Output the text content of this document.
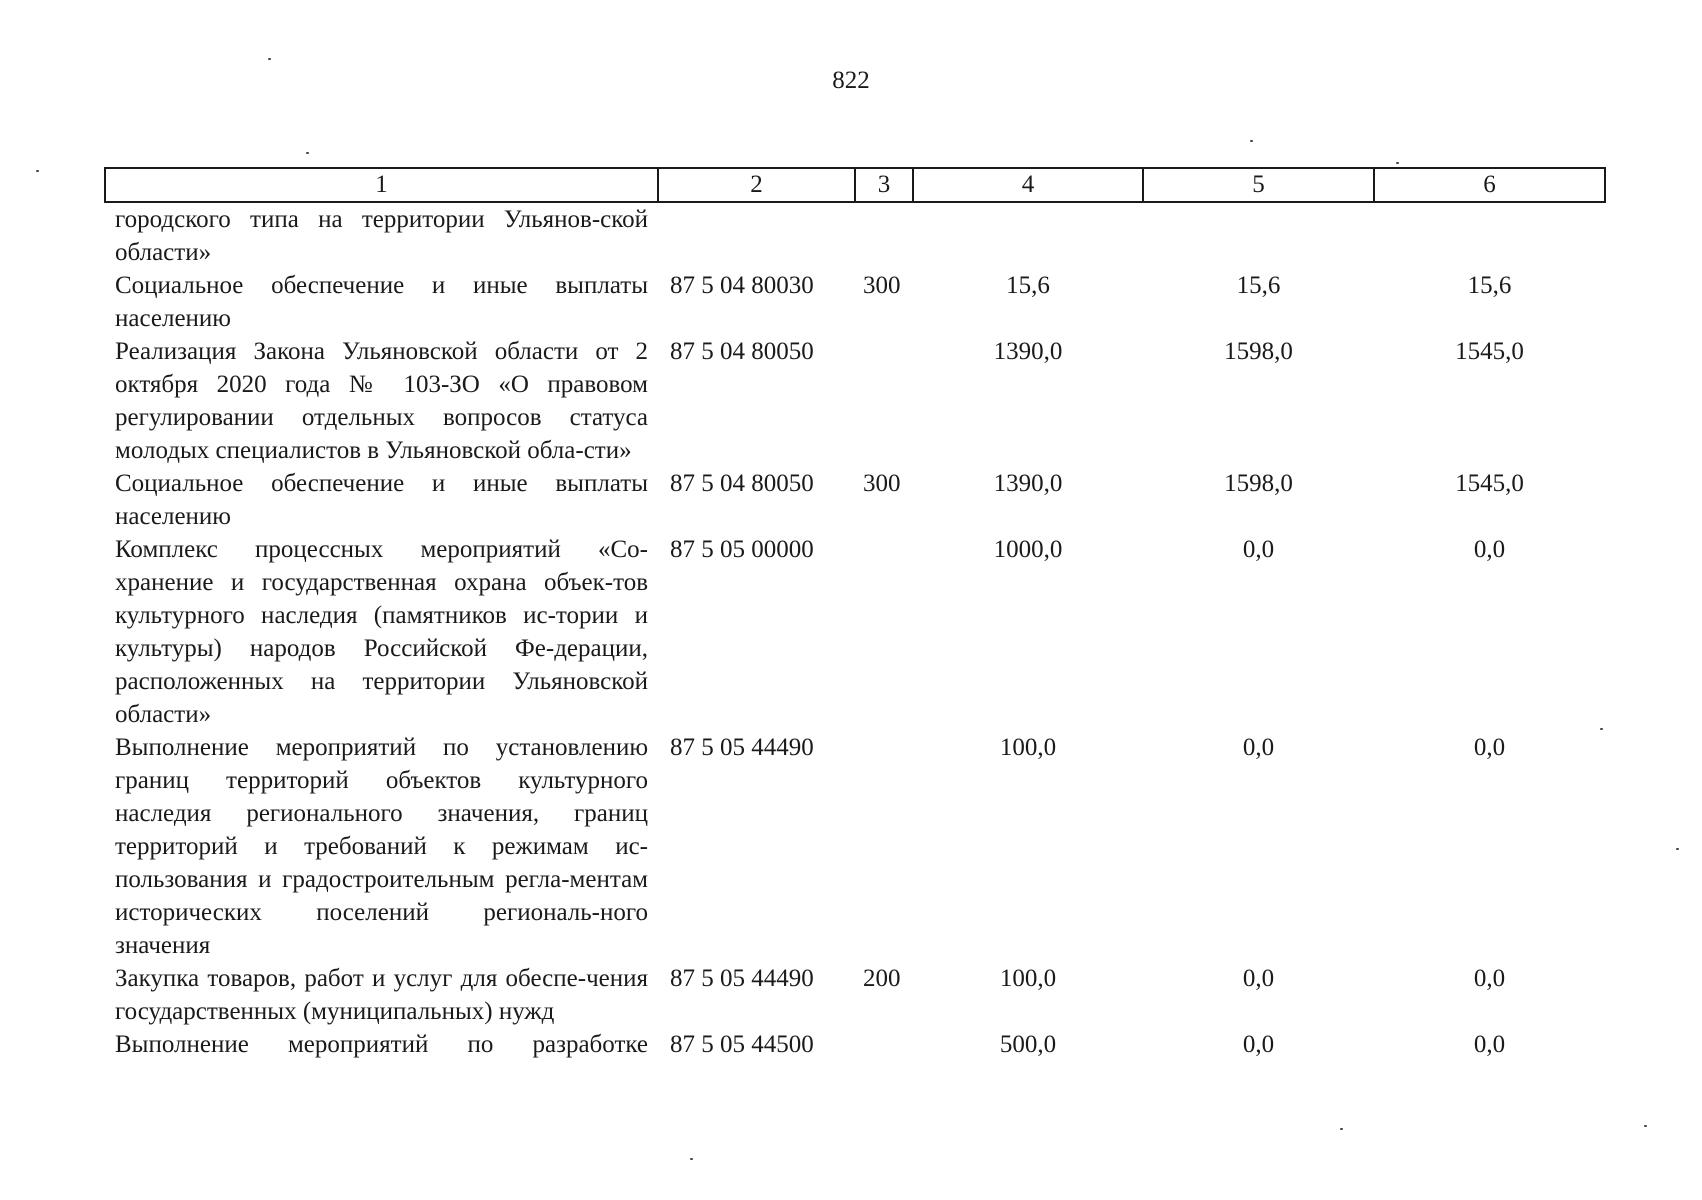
822
1	2	3	4	5	6
городского типа на территории Ульянов-ской области»					
Социальное обеспечение и иные выплаты населению	87 5 04 80030	300	15,6	15,6	15,6
Реализация Закона Ульяновской области от 2 октября 2020 года № 103-ЗО «О правовом регулировании отдельных вопросов статуса молодых специалистов в Ульяновской обла-сти»	87 5 04 80050		1390,0	1598,0	1545,0
Социальное обеспечение и иные выплаты населению	87 5 04 80050	300	1390,0	1598,0	1545,0
Комплекс процессных мероприятий «Со-хранение и государственная охрана объек-тов культурного наследия (памятников ис-тории и культуры) народов Российской Фе-дерации, расположенных на территории Ульяновской области»	87 5 05 00000		1000,0	0,0	0,0
Выполнение мероприятий по установлению границ территорий объектов культурного наследия регионального значения, границ территорий и требований к режимам ис-пользования и градостроительным регла-ментам исторических поселений региональ-ного значения	87 5 05 44490		100,0	0,0	0,0
Закупка товаров, работ и услуг для обеспе-чения государственных (муниципальных) нужд	87 5 05 44490	200	100,0	0,0	0,0
Выполнение мероприятий по разработке	87 5 05 44500		500,0	0,0	0,0
